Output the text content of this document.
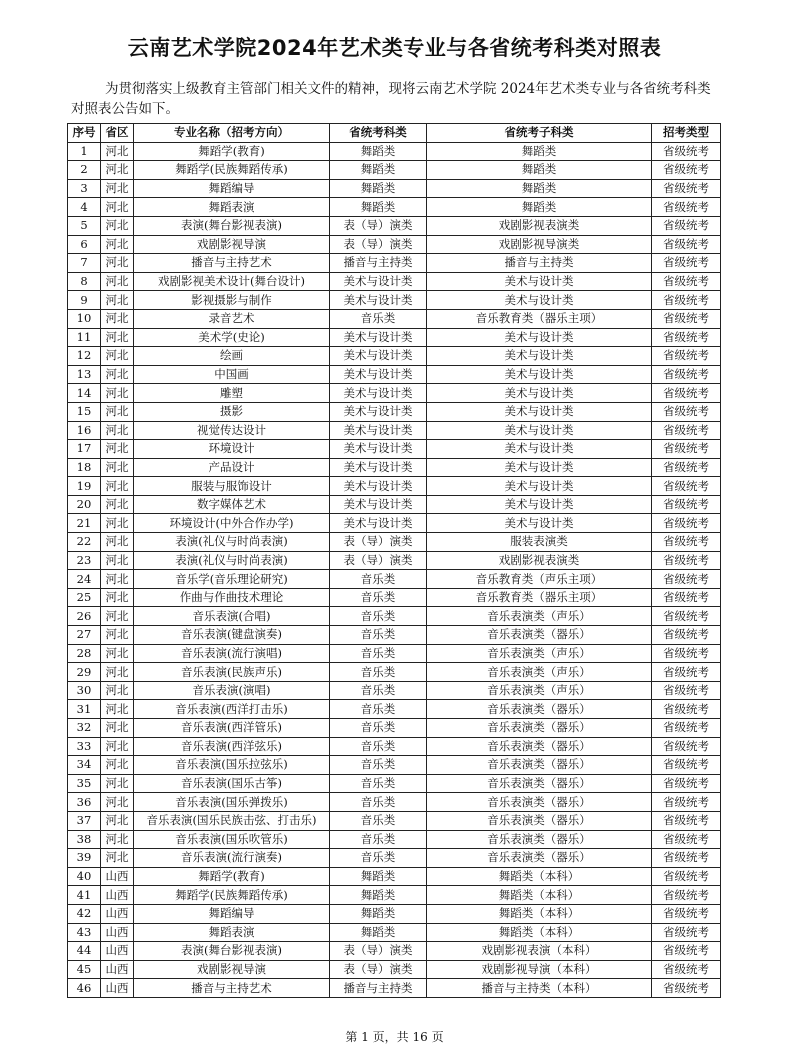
云南艺术学院2024年艺术类专业与各省统考科类对照表
为贯彻落实上级教育主管部门相关文件的精神，现将云南艺术学院 2024年艺术类专业与各省统考科类对照表公告如下。
序号	省区	专业名称（招考方向）	省统考科类	省统考子科类	招考类型
1	河北	舞蹈学(教育)	舞蹈类	舞蹈类	省级统考
2	河北	舞蹈学(民族舞蹈传承)	舞蹈类	舞蹈类	省级统考
3	河北	舞蹈编导	舞蹈类	舞蹈类	省级统考
4	河北	舞蹈表演	舞蹈类	舞蹈类	省级统考
5	河北	表演(舞台影视表演)	表（导）演类	戏剧影视表演类	省级统考
6	河北	戏剧影视导演	表（导）演类	戏剧影视导演类	省级统考
7	河北	播音与主持艺术	播音与主持类	播音与主持类	省级统考
8	河北	戏剧影视美术设计(舞台设计)	美术与设计类	美术与设计类	省级统考
9	河北	影视摄影与制作	美术与设计类	美术与设计类	省级统考
10	河北	录音艺术	音乐类	音乐教育类（器乐主项）	省级统考
11	河北	美术学(史论)	美术与设计类	美术与设计类	省级统考
12	河北	绘画	美术与设计类	美术与设计类	省级统考
13	河北	中国画	美术与设计类	美术与设计类	省级统考
14	河北	雕塑	美术与设计类	美术与设计类	省级统考
15	河北	摄影	美术与设计类	美术与设计类	省级统考
16	河北	视觉传达设计	美术与设计类	美术与设计类	省级统考
17	河北	环境设计	美术与设计类	美术与设计类	省级统考
18	河北	产品设计	美术与设计类	美术与设计类	省级统考
19	河北	服装与服饰设计	美术与设计类	美术与设计类	省级统考
20	河北	数字媒体艺术	美术与设计类	美术与设计类	省级统考
21	河北	环境设计(中外合作办学)	美术与设计类	美术与设计类	省级统考
22	河北	表演(礼仪与时尚表演)	表（导）演类	服装表演类	省级统考
23	河北	表演(礼仪与时尚表演)	表（导）演类	戏剧影视表演类	省级统考
24	河北	音乐学(音乐理论研究)	音乐类	音乐教育类（声乐主项）	省级统考
25	河北	作曲与作曲技术理论	音乐类	音乐教育类（器乐主项）	省级统考
26	河北	音乐表演(合唱)	音乐类	音乐表演类（声乐）	省级统考
27	河北	音乐表演(键盘演奏)	音乐类	音乐表演类（器乐）	省级统考
28	河北	音乐表演(流行演唱)	音乐类	音乐表演类（声乐）	省级统考
29	河北	音乐表演(民族声乐)	音乐类	音乐表演类（声乐）	省级统考
30	河北	音乐表演(演唱)	音乐类	音乐表演类（声乐）	省级统考
31	河北	音乐表演(西洋打击乐)	音乐类	音乐表演类（器乐）	省级统考
32	河北	音乐表演(西洋管乐)	音乐类	音乐表演类（器乐）	省级统考
33	河北	音乐表演(西洋弦乐)	音乐类	音乐表演类（器乐）	省级统考
34	河北	音乐表演(国乐拉弦乐)	音乐类	音乐表演类（器乐）	省级统考
35	河北	音乐表演(国乐古筝)	音乐类	音乐表演类（器乐）	省级统考
36	河北	音乐表演(国乐弹拨乐)	音乐类	音乐表演类（器乐）	省级统考
37	河北	音乐表演(国乐民族击弦、打击乐)	音乐类	音乐表演类（器乐）	省级统考
38	河北	音乐表演(国乐吹管乐)	音乐类	音乐表演类（器乐）	省级统考
39	河北	音乐表演(流行演奏)	音乐类	音乐表演类（器乐）	省级统考
40	山西	舞蹈学(教育)	舞蹈类	舞蹈类（本科）	省级统考
41	山西	舞蹈学(民族舞蹈传承)	舞蹈类	舞蹈类（本科）	省级统考
42	山西	舞蹈编导	舞蹈类	舞蹈类（本科）	省级统考
43	山西	舞蹈表演	舞蹈类	舞蹈类（本科）	省级统考
44	山西	表演(舞台影视表演)	表（导）演类	戏剧影视表演（本科）	省级统考
45	山西	戏剧影视导演	表（导）演类	戏剧影视导演（本科）	省级统考
46	山西	播音与主持艺术	播音与主持类	播音与主持类（本科）	省级统考
第 1 页，共 16 页
